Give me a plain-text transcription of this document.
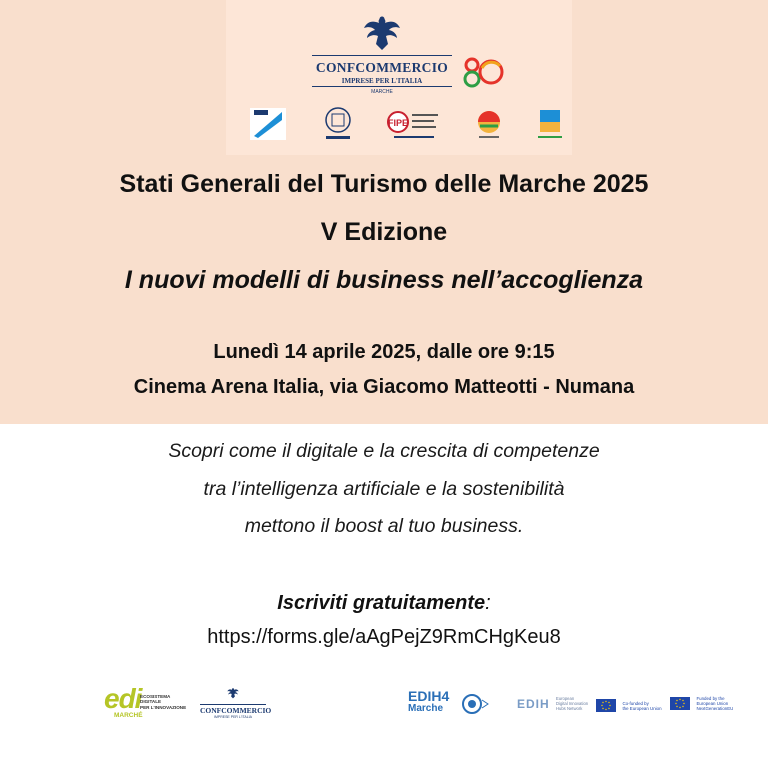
CONFCOMMERCIO
IMPRESE PER L'ITALIA
MARCHE
FIPE
Stati Generali del Turismo delle Marche 2025
V Edizione
I nuovi modelli di business nell’accoglienza
Lunedì 14 aprile 2025, dalle ore 9:15
Cinema Arena Italia, via Giacomo Matteotti - Numana
Scopri come il digitale e la crescita di competenze
tra l’intelligenza artificiale e la sostenibilità
mettono il boost al tuo business.
Iscriviti gratuitamente:
https://forms.gle/aAgPejZ9RmCHgKeu8
edi
MARCHÉ
ECOSISTEMA
DIGITALE
PER L'INNOVAZIONE CONFCOMMERCIO
IMPRESE PER L'ITALIA
EDIH4
Marche	EDIH European
Digital Innovation
Hubs Network

Co-funded by
the European Union

Funded by the
European Union
NextGenerationEU
